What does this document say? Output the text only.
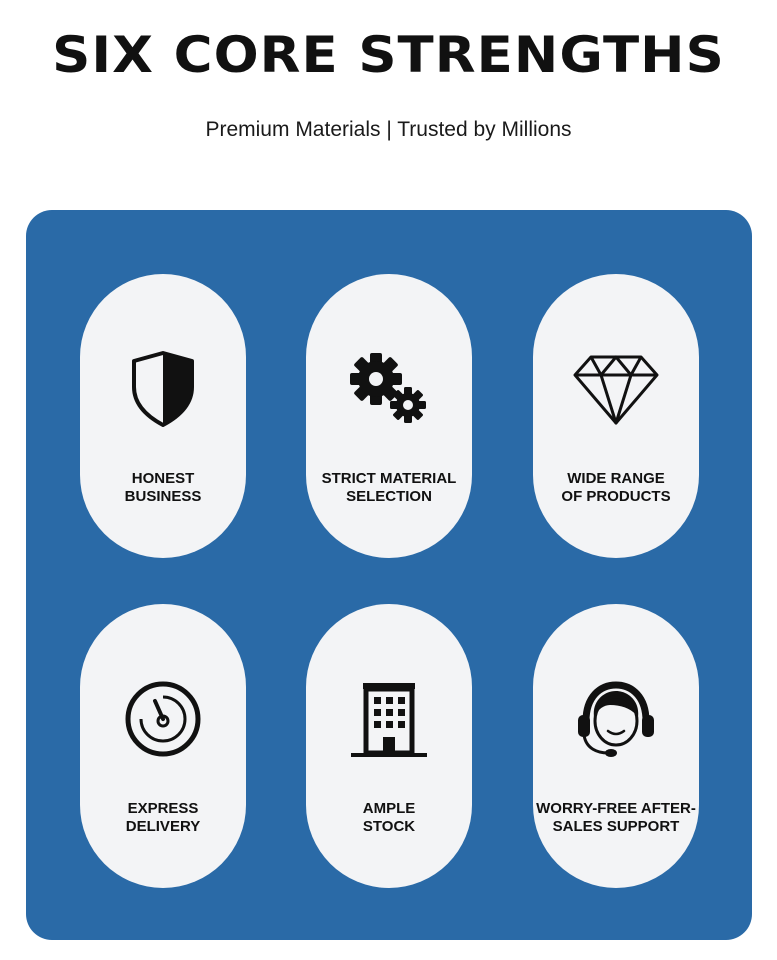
SIX CORE STRENGTHS
Premium Materials | Trusted by Millions
HONEST
BUSINESS
STRICT MATERIAL
SELECTION
WIDE RANGE
OF PRODUCTS
EXPRESS
DELIVERY
AMPLE
STOCK
WORRY-FREE AFTER-
SALES SUPPORT
